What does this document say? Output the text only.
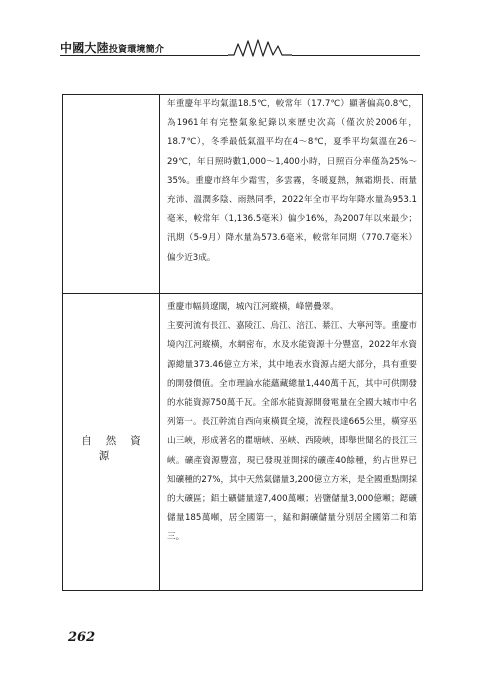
中國大陸投資環境簡介

年重慶年平均氣溫18.5℃，較常年（17.7℃）顯著偏高0.8℃，為1961年有完整氣象紀錄以來歷史次高（僅次於2006年，18.7℃），冬季最低氣溫平均在4～8℃，夏季平均氣溫在26～29℃，年日照時數1,000～1,400小時，日照百分率僅為25%～35%。重慶市終年少霜雪，多雲霧，冬暖夏熱，無霜期長、雨量充沛、溫潤多陰、雨熱同季，2022年全市平均年降水量為953.1毫米，較常年（1,136.5毫米）偏少16%，為2007年以來最少；汛期（5-9月）降水量為573.6毫米，較常年同期（770.7毫米）偏少近3成。

自然資源

重慶市幅員遼闊，城內江河縱橫，峰巒疊翠。

主要河流有長江、嘉陵江、烏江、涪江、綦江、大寧河等。重慶市境內江河縱橫，水網密布，水及水能資源十分豐富，2022年水資源總量373.46億立方米，其中地表水資源占絕大部分，具有重要的開發價值。全市理論水能蘊藏總量1,440萬千瓦，其中可供開發的水能資源750萬千瓦。全部水能資源開發電量在全國大城市中名列第一。長江幹流自西向東橫貫全境，流程長達665公里，橫穿巫山三峽，形成著名的瞿塘峽、巫峽、西陵峽，即舉世聞名的長江三峽。礦產資源豐富，現已發現並開採的礦產40餘種，約占世界已知礦種的27%，其中天然氣儲量3,200億立方米，是全國重點開採的大礦區；鋁土礦儲量達7,400萬噸；岩鹽儲量3,000億噸；鍶礦儲量185萬噸，居全國第一，錳和銅礦儲量分別居全國第二和第三。

262
